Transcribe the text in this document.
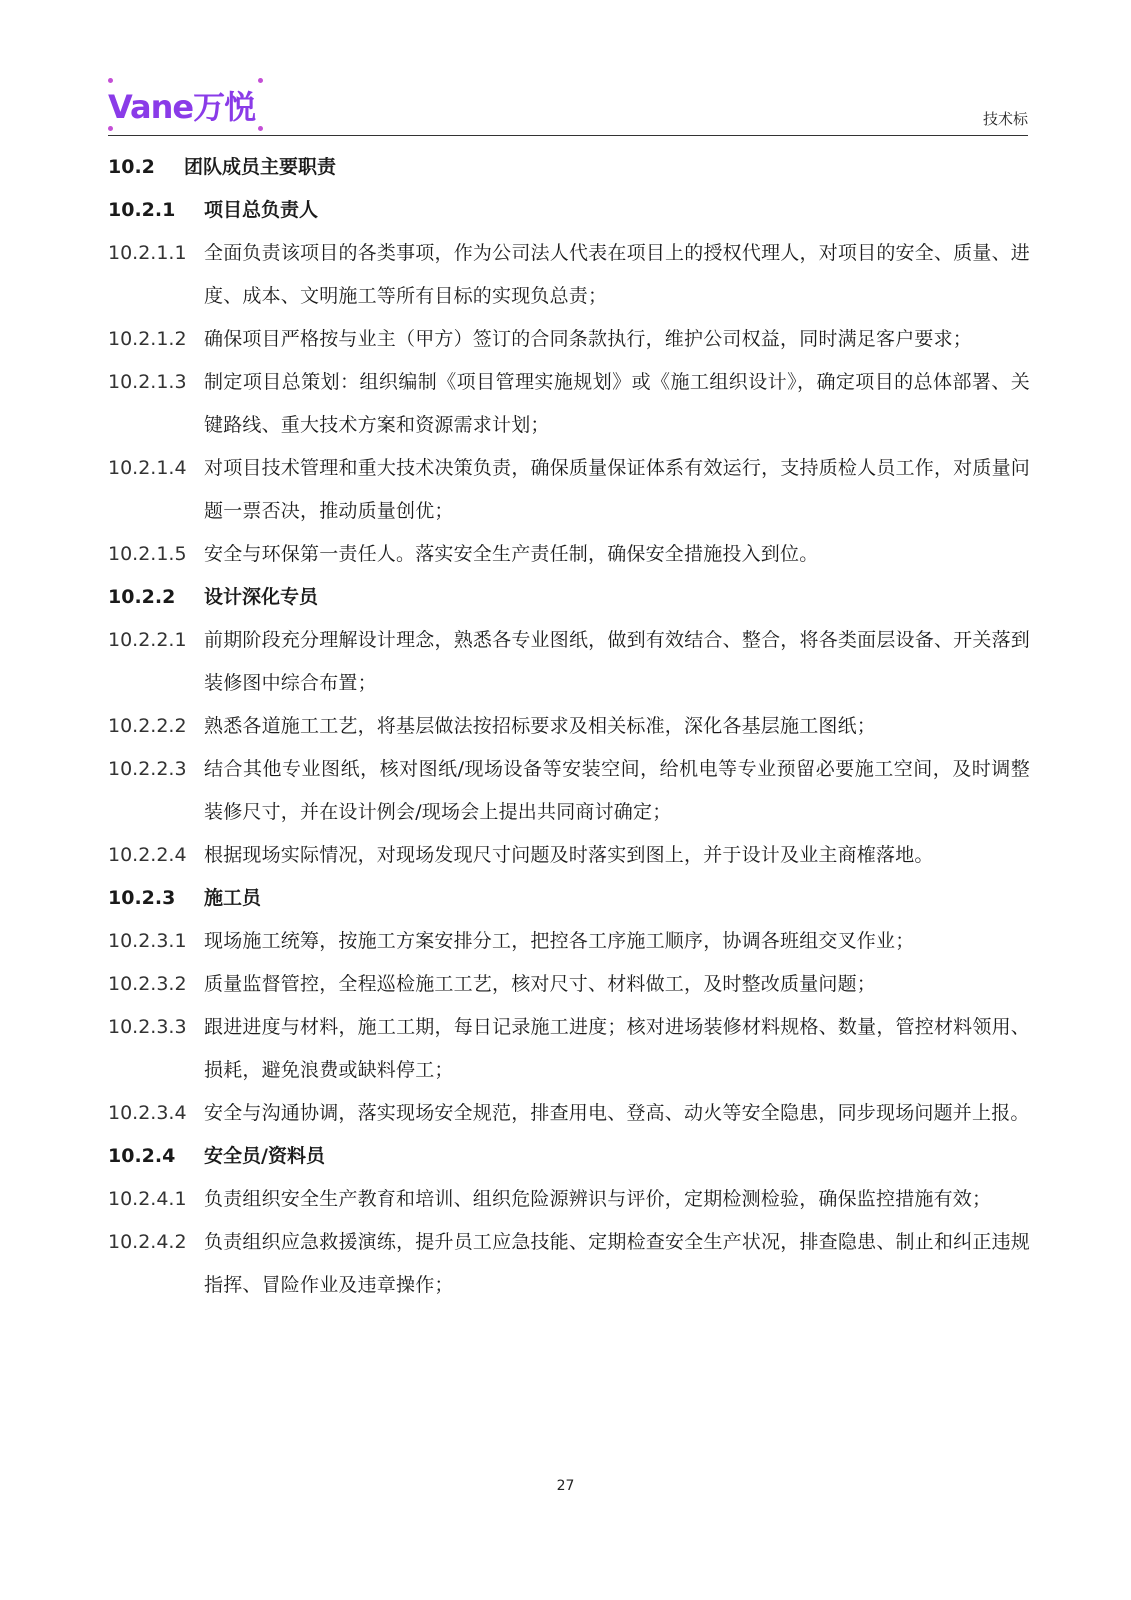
Vane万悦	技术标
10.2 团队成员主要职责
10.2.1 项目总负责人
10.2.1.1 全面负责该项目的各类事项，作为公司法人代表在项目上的授权代理人，对项目的安全、质量、进度、成本、文明施工等所有目标的实现负总责；
10.2.1.2 确保项目严格按与业主（甲方）签订的合同条款执行，维护公司权益，同时满足客户要求；
10.2.1.3 制定项目总策划：组织编制《项目管理实施规划》或《施工组织设计》，确定项目的总体部署、关键路线、重大技术方案和资源需求计划；
10.2.1.4 对项目技术管理和重大技术决策负责，确保质量保证体系有效运行，支持质检人员工作，对质量问题一票否决，推动质量创优；
10.2.1.5 安全与环保第一责任人。落实安全生产责任制，确保安全措施投入到位。
10.2.2 设计深化专员
10.2.2.1 前期阶段充分理解设计理念，熟悉各专业图纸，做到有效结合、整合，将各类面层设备、开关落到装修图中综合布置；
10.2.2.2 熟悉各道施工工艺，将基层做法按招标要求及相关标准，深化各基层施工图纸；
10.2.2.3 结合其他专业图纸，核对图纸/现场设备等安装空间，给机电等专业预留必要施工空间，及时调整装修尺寸，并在设计例会/现场会上提出共同商讨确定；
10.2.2.4 根据现场实际情况，对现场发现尺寸问题及时落实到图上，并于设计及业主商榷落地。
10.2.3 施工员
10.2.3.1 现场施工统筹，按施工方案安排分工，把控各工序施工顺序，协调各班组交叉作业；
10.2.3.2 质量监督管控，全程巡检施工工艺，核对尺寸、材料做工，及时整改质量问题；
10.2.3.3 跟进进度与材料，施工工期，每日记录施工进度；核对进场装修材料规格、数量，管控材料领用、损耗，避免浪费或缺料停工；
10.2.3.4 安全与沟通协调，落实现场安全规范，排查用电、登高、动火等安全隐患，同步现场问题并上报。
10.2.4 安全员/资料员
10.2.4.1 负责组织安全生产教育和培训、组织危险源辨识与评价，定期检测检验，确保监控措施有效；
10.2.4.2 负责组织应急救援演练，提升员工应急技能、定期检查安全生产状况，排查隐患、制止和纠正违规指挥、冒险作业及违章操作；
27
